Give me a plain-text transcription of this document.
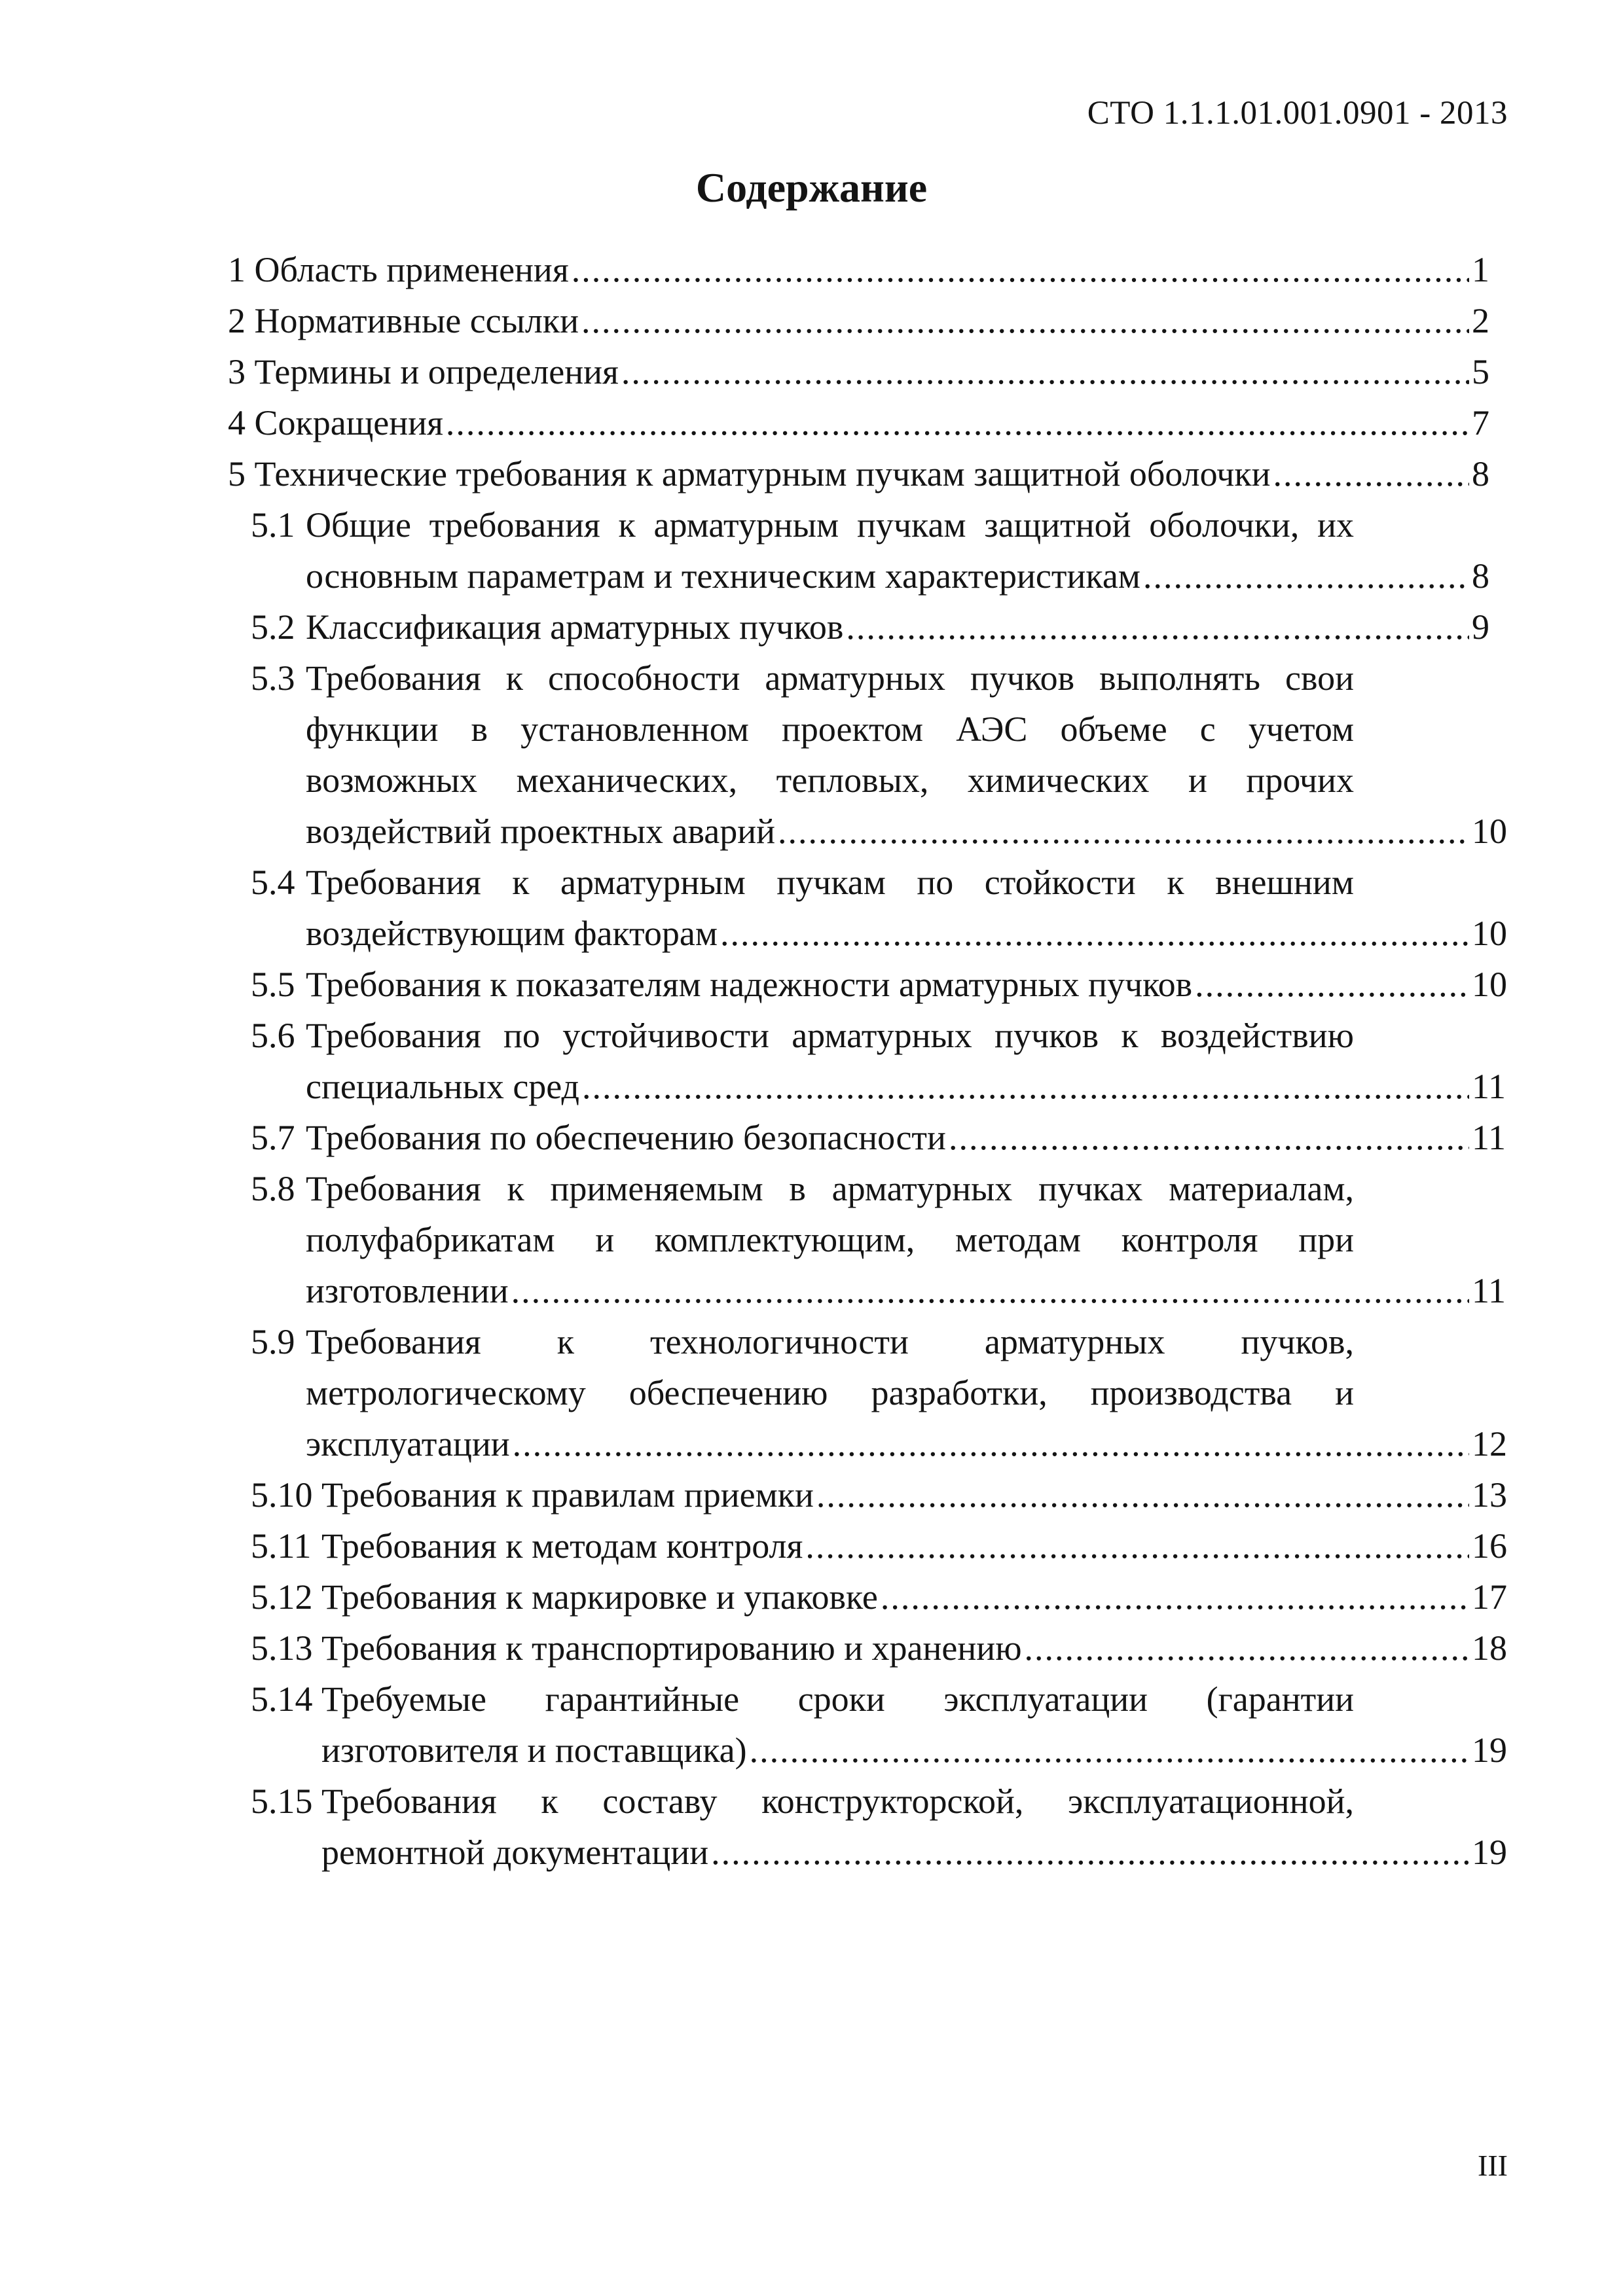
СТО 1.1.1.01.001.0901 - 2013
Содержание
1 Область применения .....	1
2 Нормативные ссылки .....	2
3 Термины и определения .....	5
4 Сокращения .....	7
5 Технические требования к арматурным пучкам защитной оболочки .....	8
5.1 Общие требования к арматурным пучкам защитной оболочки, их
основным параметрам и техническим характеристикам .....	8
5.2 Классификация арматурных пучков .....	9
5.3 Требования к способности арматурных пучков выполнять свои
функции в установленном проектом АЭС объеме с учетом
возможных механических, тепловых, химических и прочих
воздействий проектных аварий .....	10
5.4 Требования к арматурным пучкам по стойкости к внешним
воздействующим факторам .....	10
5.5 Требования к показателям надежности арматурных пучков .....	10
5.6 Требования по устойчивости арматурных пучков к воздействию
специальных сред .....	11
5.7 Требования по обеспечению безопасности .....	11
5.8 Требования к применяемым в арматурных пучках материалам,
полуфабрикатам и комплектующим, методам контроля при
изготовлении .....	11
5.9 Требования к технологичности арматурных пучков,
метрологическому обеспечению разработки, производства и
эксплуатации .....	12
5.10 Требования к правилам приемки .....	13
5.11 Требования к методам контроля .....	16
5.12 Требования к маркировке и упаковке .....	17
5.13 Требования к транспортированию и хранению .....	18
5.14 Требуемые гарантийные сроки эксплуатации (гарантии
изготовителя и поставщика) .....	19
5.15 Требования к составу конструкторской, эксплуатационной,
ремонтной документации .....	19
III
